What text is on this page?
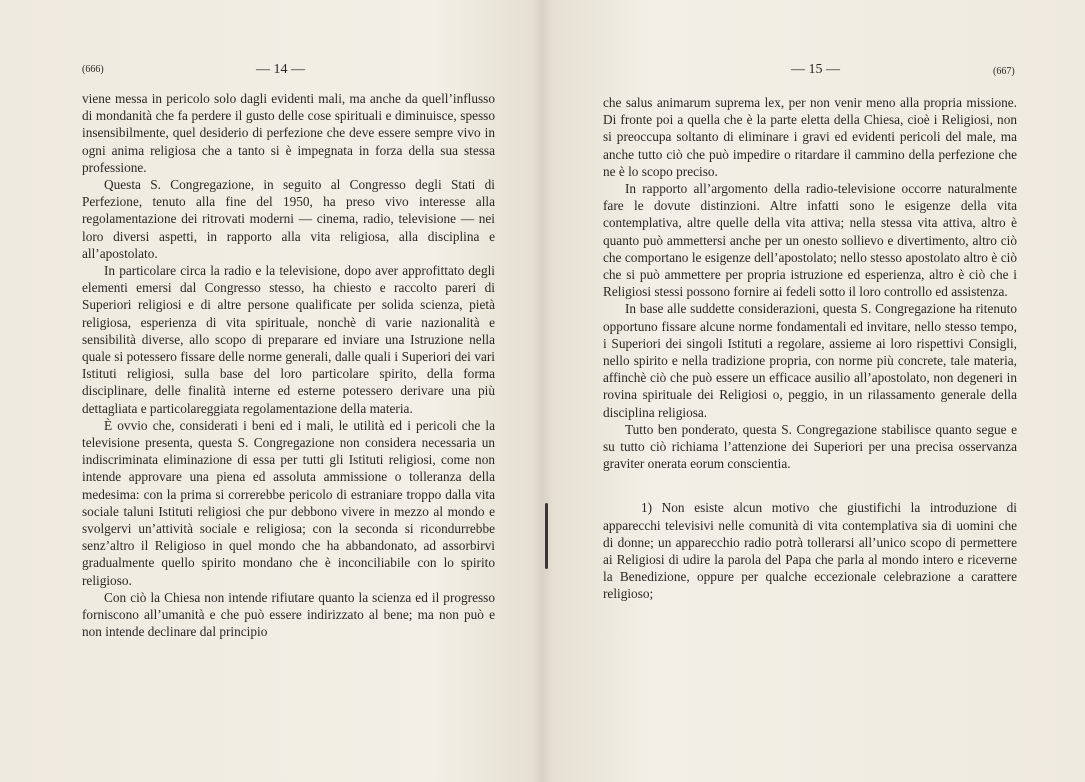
(666)	— 14 —

viene messa in pericolo solo dagli evidenti mali, ma anche da quell’influsso di mondanità che fa perdere il gusto delle cose spirituali e diminuisce, spesso insensibilmente, quel desiderio di perfezione che deve essere sempre vivo in ogni anima religiosa che a tanto si è impegnata in forza della sua stessa professione.

Questa S. Congregazione, in seguito al Congresso degli Stati di Perfezione, tenuto alla fine del 1950, ha preso vivo interesse alla regolamentazione dei ritrovati moderni — cinema, radio, televisione — nei loro diversi aspetti, in rapporto alla vita religiosa, alla disciplina e all’apostolato.

In particolare circa la radio e la televisione, dopo aver approfittato degli elementi emersi dal Congresso stesso, ha chiesto e raccolto pareri di Superiori religiosi e di altre persone qualificate per solida scienza, pietà religiosa, esperienza di vita spirituale, nonchè di varie nazionalità e sensibilità diverse, allo scopo di preparare ed inviare una Istruzione nella quale si potessero fissare delle norme generali, dalle quali i Superiori dei vari Istituti religiosi, sulla base del loro particolare spirito, della forma disciplinare, delle finalità interne ed esterne potessero derivare una più dettagliata e particolareggiata regolamentazione della materia.

È ovvio che, considerati i beni ed i mali, le utilità ed i pericoli che la televisione presenta, questa S. Congregazione non considera necessaria un indiscriminata eliminazione di essa per tutti gli Istituti religiosi, come non intende approvare una piena ed assoluta ammissione o tolleranza della medesima: con la prima si correrebbe pericolo di estraniare troppo dalla vita sociale taluni Istituti religiosi che pur debbono vivere in mezzo al mondo e svolgervi un’attività sociale e religiosa; con la seconda si ricondurrebbe senz’altro il Religioso in quel mondo che ha abbandonato, ad assorbirvi gradualmente quello spirito mondano che è inconciliabile con lo spirito religioso.

Con ciò la Chiesa non intende rifiutare quanto la scienza ed il progresso forniscono all’umanità e che può essere indirizzato al bene; ma non può e non intende declinare dal principio

— 15 —	(667)

che salus animarum suprema lex, per non venir meno alla propria missione. Di fronte poi a quella che è la parte eletta della Chiesa, cioè i Religiosi, non si preoccupa soltanto di eliminare i gravi ed evidenti pericoli del male, ma anche tutto ciò che può impedire o ritardare il cammino della perfezione che ne è lo scopo preciso.

In rapporto all’argomento della radio-televisione occorre naturalmente fare le dovute distinzioni. Altre infatti sono le esigenze della vita contemplativa, altre quelle della vita attiva; nella stessa vita attiva, altro è quanto può ammettersi anche per un onesto sollievo e divertimento, altro ciò che comportano le esigenze dell’apostolato; nello stesso apostolato altro è ciò che si può ammettere per propria istruzione ed esperienza, altro è ciò che i Religiosi stessi possono fornire ai fedeli sotto il loro controllo ed assistenza.

In base alle suddette considerazioni, questa S. Congregazione ha ritenuto opportuno fissare alcune norme fondamentali ed invitare, nello stesso tempo, i Superiori dei singoli Istituti a regolare, assieme ai loro rispettivi Consigli, nello spirito e nella tradizione propria, con norme più concrete, tale materia, affinchè ciò che può essere un efficace ausilio all’apostolato, non degeneri in rovina spirituale dei Religiosi o, peggio, in un rilassamento generale della disciplina religiosa.

Tutto ben ponderato, questa S. Congregazione stabilisce quanto segue e su tutto ciò richiama l’attenzione dei Superiori per una precisa osservanza graviter onerata eorum conscientia.

1) Non esiste alcun motivo che giustifichi la introduzione di apparecchi televisivi nelle comunità di vita contemplativa sia di uomini che di donne; un apparecchio radio potrà tollerarsi all’unico scopo di permettere ai Religiosi di udire la parola del Papa che parla al mondo intero e riceverne la Benedizione, oppure per qualche eccezionale celebrazione a carattere religioso;
